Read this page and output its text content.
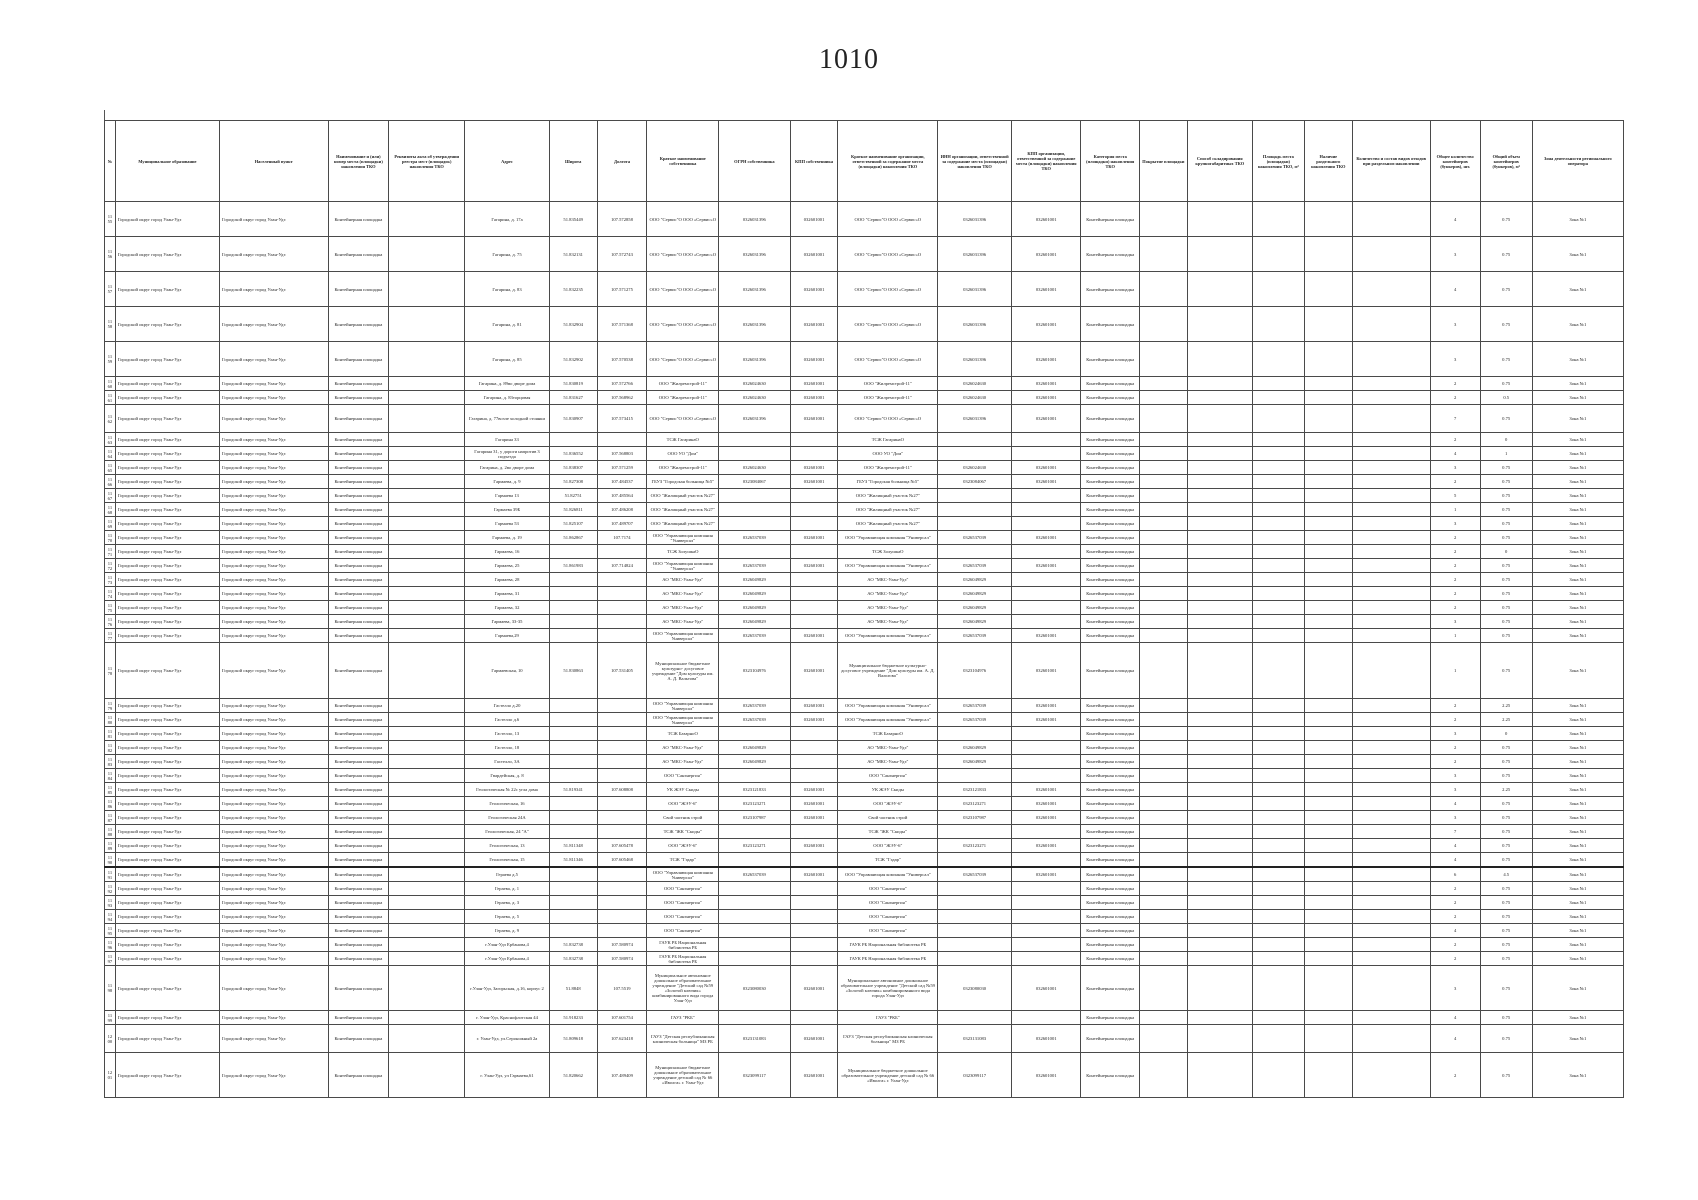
1010
№	Муниципальное образование	Населенный пункт	Наименование и (или) номер места (площадки) накопления ТКО	Реквизиты акта об утверждении реестра мест (площадок) накопления ТКО	Адрес	Широта	Долгота	Краткое наименование собственника	ОГРН собственника	КПП собственника	Краткое наименование организации, ответственной за содержание места (площадки) накопления ТКО	ИНН организации, ответственной за содержание места (площадки) накопления ТКО	КПП организации, ответственной за содержание места (площадки) накопления ТКО	Категория места (площадки) накопления ТКО	Покрытие площадки	Способ складирования крупногабаритных ТКО	Площадь места (площадки) накопления ТКО, м²	Наличие раздельного накопления ТКО	Количество и состав видов отходов при раздельном накоплении	Общее количество контейнеров (бункеров), шт.	Общий объем контейнеров (бункеров), м³	Зона деятельности регионального оператора
1155	Городской округ город Улан-Удэ	Городской округ город Улан-Удэ	Контейнерная площадка		Гагарина, д. 17а	51.835449	107.572858	ООО "Сервис"О ООО «Сервис»О	0326031396	032601001	ООО "Сервис"О ООО «Сервис»О	0326031396	032601001	Контейнерная площадка						4	0.75	Зона №1
1156	Городской округ город Улан-Удэ	Городской округ город Улан-Удэ	Контейнерная площадка		Гагарина, д. 75	51.832131	107.572743	ООО "Сервис"О ООО «Сервис»О	0326031396	032601001	ООО "Сервис"О ООО «Сервис»О	0326031396	032601001	Контейнерная площадка						3	0.75	Зона №1
1157	Городской округ город Улан-Удэ	Городской округ город Улан-Удэ	Контейнерная площадка		Гагарина, д. 83	51.832235	107.571275	ООО "Сервис"О ООО «Сервис»О	0326031396	032601001	ООО "Сервис"О ООО «Сервис»О	0326031396	032601001	Контейнерная площадка						4	0.75	Зона №1
1158	Городской округ город Улан-Удэ	Городской округ город Улан-Удэ	Контейнерная площадка		Гагарина, д. 81	51.832904	107.571368	ООО "Сервис"О ООО «Сервис»О	0326031396	032601001	ООО "Сервис"О ООО «Сервис»О	0326031396	032601001	Контейнерная площадка						3	0.75	Зона №1
1159	Городской округ город Улан-Удэ	Городской округ город Улан-Удэ	Контейнерная площадка		Гагарина, д. 85	51.832902	107.570538	ООО "Сервис"О ООО «Сервис»О	0326031396	032601001	ООО "Сервис"О ООО «Сервис»О	0326031396	032601001	Контейнерная площадка						3	0.75	Зона №1
1160	Городской округ город Улан-Удэ	Городской округ город Улан-Удэ	Контейнерная площадка		Гагарина, д. 89во дворе дома	51.830819	107.572766	ООО "Жилремстрой-11"	0326024630	032601001	ООО "Жилремстрой-11"	0326024630	032601001	Контейнерная площадка						2	0.75	Зона №1
1161	Городской округ город Улан-Удэ	Городской округ город Улан-Удэ	Контейнерная площадка		Гагарина, д. 83торцовая	51.831627	107.568962	ООО "Жилремстрой-11"	0326024630	032601001	ООО "Жилремстрой-11"	0326024630	032601001	Контейнерная площадка						2	0.5	Зона №1
1162	Городской округ город Улан-Удэ	Городской округ город Улан-Удэ	Контейнерная площадка		Гагарина, д. 77возле холодной стоянки	51.830907	107.573415	ООО "Сервис"О ООО «Сервис»О	0326031396	032601001	ООО "Сервис"О ООО «Сервис»О	0326031396	032601001	Контейнерная площадка						7	0.75	Зона №1
1163	Городской округ город Улан-Удэ	Городской округ город Улан-Удэ	Контейнерная площадка		Гагарина 33			ТСЖ ГагаринаО			ТСЖ ГагаринаО			Контейнерная площадка						2	0	Зона №1
1164	Городской округ город Улан-Удэ	Городской округ город Улан-Удэ	Контейнерная площадка		Гагарина 31, у дороги напротив 3 подъезда	51.836552	107.568803	ООО УО "Дом"			ООО УО "Дом"			Контейнерная площадка						4	1	Зона №1
1165	Городской округ город Улан-Удэ	Городской округ город Улан-Удэ	Контейнерная площадка		Гагарина, д. 2во дворе дома	51.838307	107.571259	ООО "Жилремстрой-11"	0326024630	032601001	ООО "Жилремстрой-11"	0326024630	032601001	Контейнерная площадка						3	0.75	Зона №1
1166	Городской округ город Улан-Удэ	Городской округ город Улан-Удэ	Контейнерная площадка		Гармаева, д. 9	51.827308	107.484537	ГБУЗ "Городская больница №5"	0323084067	032601001	ГБУЗ "Городская больница №5"	0323084067	032601001	Контейнерная площадка						2	0.75	Зона №1
1167	Городской округ город Улан-Удэ	Городской округ город Улан-Удэ	Контейнерная площадка		Гармаева 13	51.82751	107.485564	ООО "Жилищный участок №27"			ООО "Жилищный участок №27"			Контейнерная площадка						5	0.75	Зона №1
1168	Городской округ город Улан-Удэ	Городской округ город Улан-Удэ	Контейнерная площадка		Гармаева 39Б	51.826811	107.486208	ООО "Жилищный участок №27"			ООО "Жилищный участок №27"			Контейнерная площадка						1	0.75	Зона №1
1169	Городской округ город Улан-Удэ	Городской округ город Улан-Удэ	Контейнерная площадка		Гармаева 53	51.825107	107.489707	ООО "Жилищный участок №27"			ООО "Жилищный участок №27"			Контейнерная площадка						3	0.75	Зона №1
1170	Городской округ город Улан-Удэ	Городской округ город Улан-Удэ	Контейнерная площадка		Гармаева, д. 19	51.862867	107.7174	ООО "Управляющая компания "Универсал"	0326537039	032601001	ООО "Управляющая компания "Универсал"	0326537039	032601001	Контейнерная площадка						2	0.75	Зона №1
1171	Городской округ город Улан-Удэ	Городской округ город Улан-Удэ	Контейнерная площадка		Гармаева, 16			ТСЖ ЗолушкаО			ТСЖ ЗолушкаО			Контейнерная площадка						2	0	Зона №1
1172	Городской округ город Улан-Удэ	Городской округ город Улан-Удэ	Контейнерная площадка		Гармаева, 25	51.861983	107.714824	ООО "Управляющая компания "Универсал"	0326537039	032601001	ООО "Управляющая компания "Универсал"	0326537039	032601001	Контейнерная площадка						2	0.75	Зона №1
1173	Городской округ город Улан-Удэ	Городской округ город Улан-Удэ	Контейнерная площадка		Гармаева, 28			АО "МКС-Улан-Удэ"	0326049829		АО "МКС-Улан-Удэ"	0326049829		Контейнерная площадка						2	0.75	Зона №1
1174	Городской округ город Улан-Удэ	Городской округ город Улан-Удэ	Контейнерная площадка		Гармаева, 31			АО "МКС-Улан-Удэ"	0326049829		АО "МКС-Улан-Удэ"	0326049829		Контейнерная площадка						2	0.75	Зона №1
1175	Городской округ город Улан-Удэ	Городской округ город Улан-Удэ	Контейнерная площадка		Гармаева, 32			АО "МКС-Улан-Удэ"	0326049829		АО "МКС-Улан-Удэ"	0326049829		Контейнерная площадка						2	0.75	Зона №1
1176	Городской округ город Улан-Удэ	Городской округ город Улан-Удэ	Контейнерная площадка		Гармаева, 33-35			АО "МКС-Улан-Удэ"	0326049829		АО "МКС-Улан-Удэ"	0326049829		Контейнерная площадка						3	0.75	Зона №1
1177	Городской округ город Улан-Удэ	Городской округ город Улан-Удэ	Контейнерная площадка		Гармаева,29			ООО "Управляющая компания Универсал"	0326537039	032601001	ООО "Управляющая компания "Универсал"	0326537039	032601001	Контейнерная площадка						1	0.75	Зона №1
1178	Городской округ город Улан-Удэ	Городской округ город Улан-Удэ	Контейнерная площадка		Гармаевская, 10	51.830863	107.531405	Муниципальное бюджетное культурно- досуговое учреждение "Дом культуры им. А. Д. Вальтова"	0323104976	032601001	Муниципальное бюджетное культурно-досуговое учреждение "Дом культуры им. А. Д. Вальтова"	0323104976	032601001	Контейнерная площадка						1	0.75	Зона №1
1179	Городской округ город Улан-Удэ	Городской округ город Улан-Удэ	Контейнерная площадка		Гастелло д.20			ООО "Управляющая компания Универсал"	0326537039	032601001	ООО "Управляющая компания "Универсал"	0326537039	032601001	Контейнерная площадка						2	2.25	Зона №1
1180	Городской округ город Улан-Удэ	Городской округ город Улан-Удэ	Контейнерная площадка		Гастелло д.6			ООО "Управляющая компания Универсал"	0326537039	032601001	ООО "Управляющая компания "Универсал"	0326537039	032601001	Контейнерная площадка						2	2.25	Зона №1
1181	Городской округ город Улан-Удэ	Городской округ город Улан-Удэ	Контейнерная площадка		Гастелло, 13			ТСЖ БазарноО			ТСЖ БазарноО			Контейнерная площадка						3	0	Зона №1
1182	Городской округ город Улан-Удэ	Городской округ город Улан-Удэ	Контейнерная площадка		Гастелло, 18			АО "МКС-Улан-Удэ"	0326049829		АО "МКС-Улан-Удэ"	0326049829		Контейнерная площадка						2	0.75	Зона №1
1183	Городской округ город Улан-Удэ	Городской округ город Улан-Удэ	Контейнерная площадка		Гастелло, 3А			АО "МКС-Улан-Удэ"	0326049829		АО "МКС-Улан-Удэ"	0326049829		Контейнерная площадка						2	0.75	Зона №1
1184	Городской округ город Улан-Удэ	Городской округ город Улан-Удэ	Контейнерная площадка		Гвардейская, д. 8			ООО "Санэнергия"			ООО "Санэнергия"			Контейнерная площадка						3	0.75	Зона №1
1185	Городской округ город Улан-Удэ	Городской округ город Улан-Удэ	Контейнерная площадка		Геологическая № 22с угла дома	51.819341	107.608808	УК ЖЭУ Скиды	0323121833	032601001	УК ЖЭУ Скиды	0323121833	032601001	Контейнерная площадка						3	2.25	Зона №1
1186	Городской округ город Улан-Удэ	Городской округ город Улан-Удэ	Контейнерная площадка		Геологическая, 16			ООО "ЖЭУ-6"	0323123271	032601001	ООО "ЖЭУ-6"	0323123271	032601001	Контейнерная площадка						4	0.75	Зона №1
1187	Городской округ город Улан-Удэ	Городской округ город Улан-Удэ	Контейнерная площадка		Геологическая 24А			Свой частник строй	0323107987	032601001	Свой частник строй	0323107987	032601001	Контейнерная площадка						3	0.75	Зона №1
1188	Городской округ город Улан-Удэ	Городской округ город Улан-Удэ	Контейнерная площадка		Геологическая, 24 "А"			ТСЖ "ЖК "Скиды"			ТСЖ "ЖК "Скиды"			Контейнерная площадка						7	0.75	Зона №1
1189	Городской округ город Улан-Удэ	Городской округ город Улан-Удэ	Контейнерная площадка		Геологическая, 13	51.811348	107.605478	ООО "ЖЭУ-6"	0323123271	032601001	ООО "ЖЭУ-6"	0323123271	032601001	Контейнерная площадка						4	0.75	Зона №1
1190	Городской округ город Улан-Удэ	Городской округ город Улан-Удэ	Контейнерная площадка		Геологическая, 15	51.811346	107.605468	ТСЖ "Гэдар"			ТСЖ "Гэдар"			Контейнерная площадка						4	0.75	Зона №1
1191	Городской округ город Улан-Удэ	Городской округ город Улан-Удэ	Контейнерная площадка		Гераева д.5			ООО "Управляющая компания Универсал"	0326537039	032601001	ООО "Управляющая компания "Универсал"	0326537039	032601001	Контейнерная площадка						6	4.5	Зона №1
1192	Городской округ город Улан-Удэ	Городской округ город Улан-Удэ	Контейнерная площадка		Гераева, д. 1			ООО "Санэнергия"			ООО "Санэнергия"			Контейнерная площадка						2	0.75	Зона №1
1193	Городской округ город Улан-Удэ	Городской округ город Улан-Удэ	Контейнерная площадка		Гераева, д. 3			ООО "Санэнергия"			ООО "Санэнергия"			Контейнерная площадка						2	0.75	Зона №1
1194	Городской округ город Улан-Удэ	Городской округ город Улан-Удэ	Контейнерная площадка		Гераева, д. 5			ООО "Санэнергия"			ООО "Санэнергия"			Контейнерная площадка						2	0.75	Зона №1
1195	Городской округ город Улан-Удэ	Городской округ город Улан-Удэ	Контейнерная площадка		Гераева, д. 9			ООО "Санэнергия"			ООО "Санэнергия"			Контейнерная площадка						4	0.75	Зона №1
1196	Городской округ город Улан-Удэ	Городской округ город Улан-Удэ	Контейнерная площадка		г.Улан-Удэ Ербанова,4	51.832738	107.580974	ГАУК РБ Национальная библиотека РБ			ГАУК РБ Национальная библиотека РБ			Контейнерная площадка						2	0.75	Зона №1
1197	Городской округ город Улан-Удэ	Городской округ город Улан-Удэ	Контейнерная площадка		г.Улан-Удэ Ербанова,4	51.832738	107.580974	ГАУК РБ Национальная библиотека РБ			ГАУК РБ Национальная библиотека РБ			Контейнерная площадка						2	0.75	Зона №1
1198	Городской округ город Улан-Удэ	Городской округ город Улан-Удэ	Контейнерная площадка		г.Улан-Удэ, Загорьская, д.16, корпус 2	51.8848	107.5519	Муниципальное автономное дошкольное образовательное учреждение "Детский сад №59 «Золотой ключик» комбинированного вида города Улан-Удэ	0323080030	032601001	Муниципальное автономное дошкольное образовательное учреждение "Детский сад №59 «Золотой ключик» комбинированного вида города Улан-Удэ	0323080030	032601001	Контейнерная площадка						3	0.75	Зона №1
1199	Городской округ город Улан-Удэ	Городской округ город Улан-Удэ	Контейнерная площадка		г. Улан-Удэ, Краснофлотская 44	51.918233	107.601754	ГАУЗ "РКБ"			ГАУЗ "РКБ"			Контейнерная площадка						4	0.75	Зона №1
1200	Городской округ город Улан-Удэ	Городской округ город Улан-Удэ	Контейнерная площадка		г. Улан-Удэ, ул.Сероножный 2а	51.809618	107.623418	ГАУЗ "Детская республиканская клиническая больница" МЗ РБ	0323131083	032601001	ГАУЗ "Детская республиканская клиническая больница" МЗ РБ	0323131083	032601001	Контейнерная площадка						4	0.75	Зона №1
1201	Городской округ город Улан-Удэ	Городской округ город Улан-Удэ	Контейнерная площадка		г. Улан-Удэ, ул Гармаева,61	51.820662	107.489409	Муниципальное бюджетное дошкольное образовательное учреждение детский сад № 66 «Иволга» г. Улан-Удэ	0323099117	032601001	Муниципальное бюджетное дошкольное образовательное учреждение детский сад № 66 «Иволга» г. Улан-Удэ	0323099117	032601001	Контейнерная площадка						2	0.75	Зона №1
